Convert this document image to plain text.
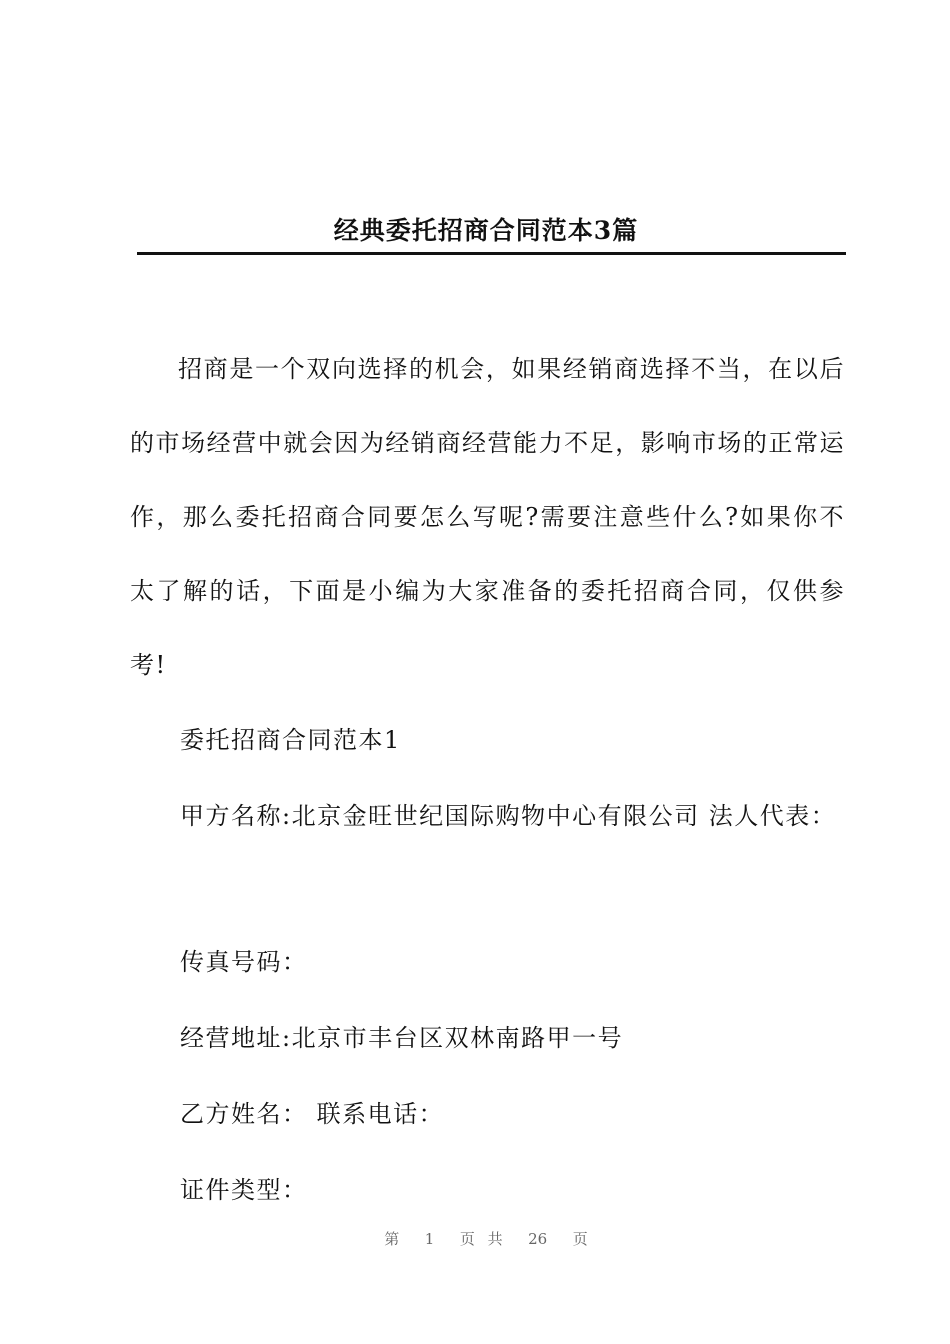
经典委托招商合同范本3篇

招商是一个双向选择的机会，如果经销商选择不当，在以后的市场经营中就会因为经销商经营能力不足，影响市场的正常运作，那么委托招商合同要怎么写呢?需要注意些什么?如果你不太了解的话，下面是小编为大家准备的委托招商合同，仅供参考!

委托招商合同范本1

甲方名称:北京金旺世纪国际购物中心有限公司 法人代表：

传真号码：

经营地址:北京市丰台区双林南路甲一号

乙方姓名： 联系电话：

证件类型：

第  1  页 共  26  页
